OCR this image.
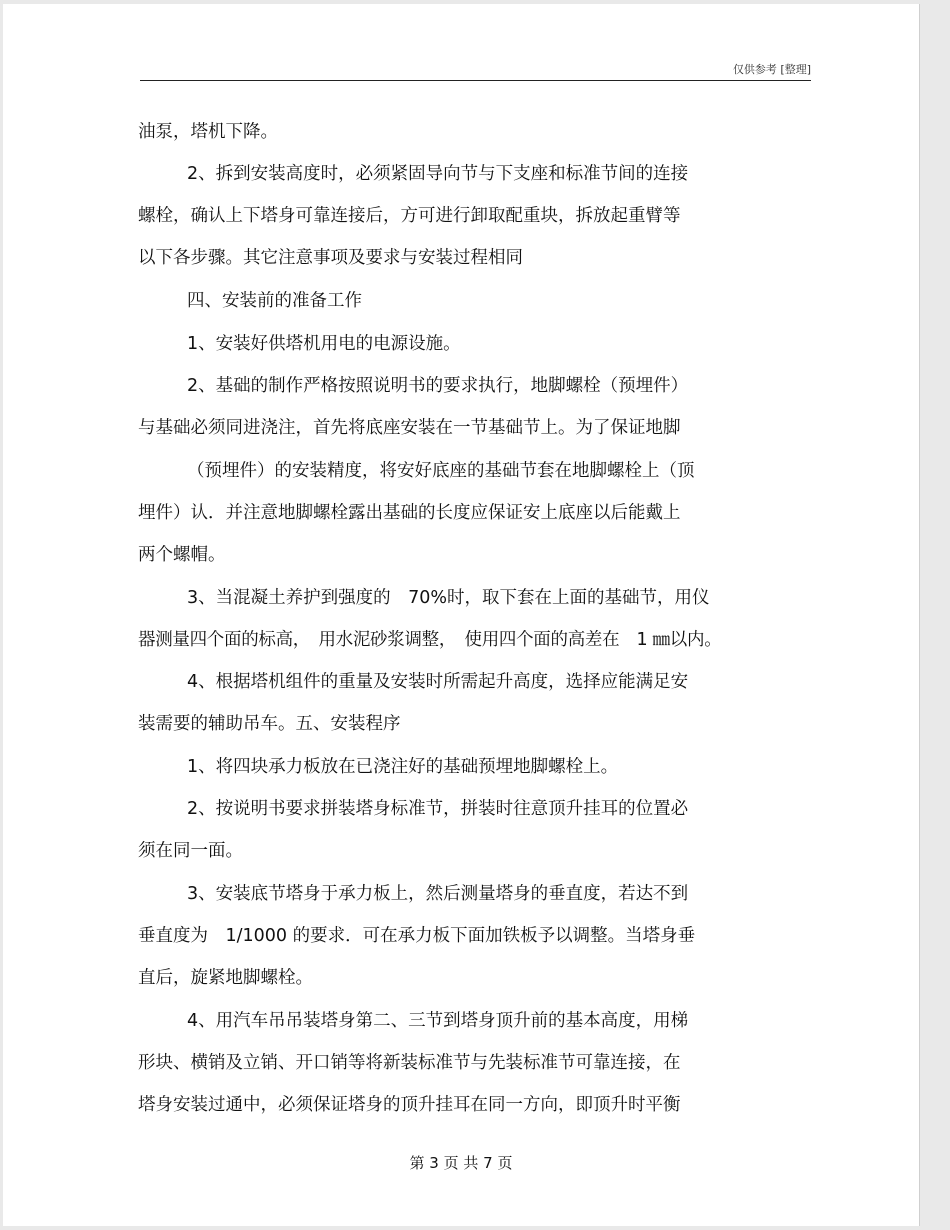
仅供参考 [整理]
油泵，塔机下降。
2、拆到安装高度时，必须紧固导向节与下支座和标准节间的连接
螺栓，确认上下塔身可靠连接后，方可进行卸取配重块，拆放起重臂等
以下各步骤。其它注意事项及要求与安装过程相同
四、安装前的准备工作
1、安装好供塔机用电的电源设施。
2、基础的制作严格按照说明书的要求执行，地脚螺栓（预埋件）
与基础必须同进浇注，首先将底座安装在一节基础节上。为了保证地脚
（预埋件）的安装精度，将安好底座的基础节套在地脚螺栓上（顶
埋件）认．并注意地脚螺栓露出基础的长度应保证安上底座以后能戴上
两个螺帽。
3、当混凝土养护到强度的　70%时，取下套在上面的基础节，用仪
器测量四个面的标高，　用水泥砂浆调整，　使用四个面的高差在　1 ㎜以内。
4、根据塔机组件的重量及安装时所需起升高度，选择应能满足安
装需要的辅助吊车。五、安装程序
1、将四块承力板放在已浇注好的基础预埋地脚螺栓上。
2、按说明书要求拼装塔身标准节，拼装时往意顶升挂耳的位置必
须在同一面。
3、安装底节塔身于承力板上，然后测量塔身的垂直度，若达不到
垂直度为　1/1000 的要求．可在承力板下面加铁板予以调整。当塔身垂
直后，旋紧地脚螺栓。
4、用汽车吊吊装塔身第二、三节到塔身顶升前的基本高度，用梯
形块、横销及立销、开口销等将新装标准节与先装标准节可靠连接，在
塔身安装过通中，必须保证塔身的顶升挂耳在同一方向，即顶升时平衡
第 3 页 共 7 页
